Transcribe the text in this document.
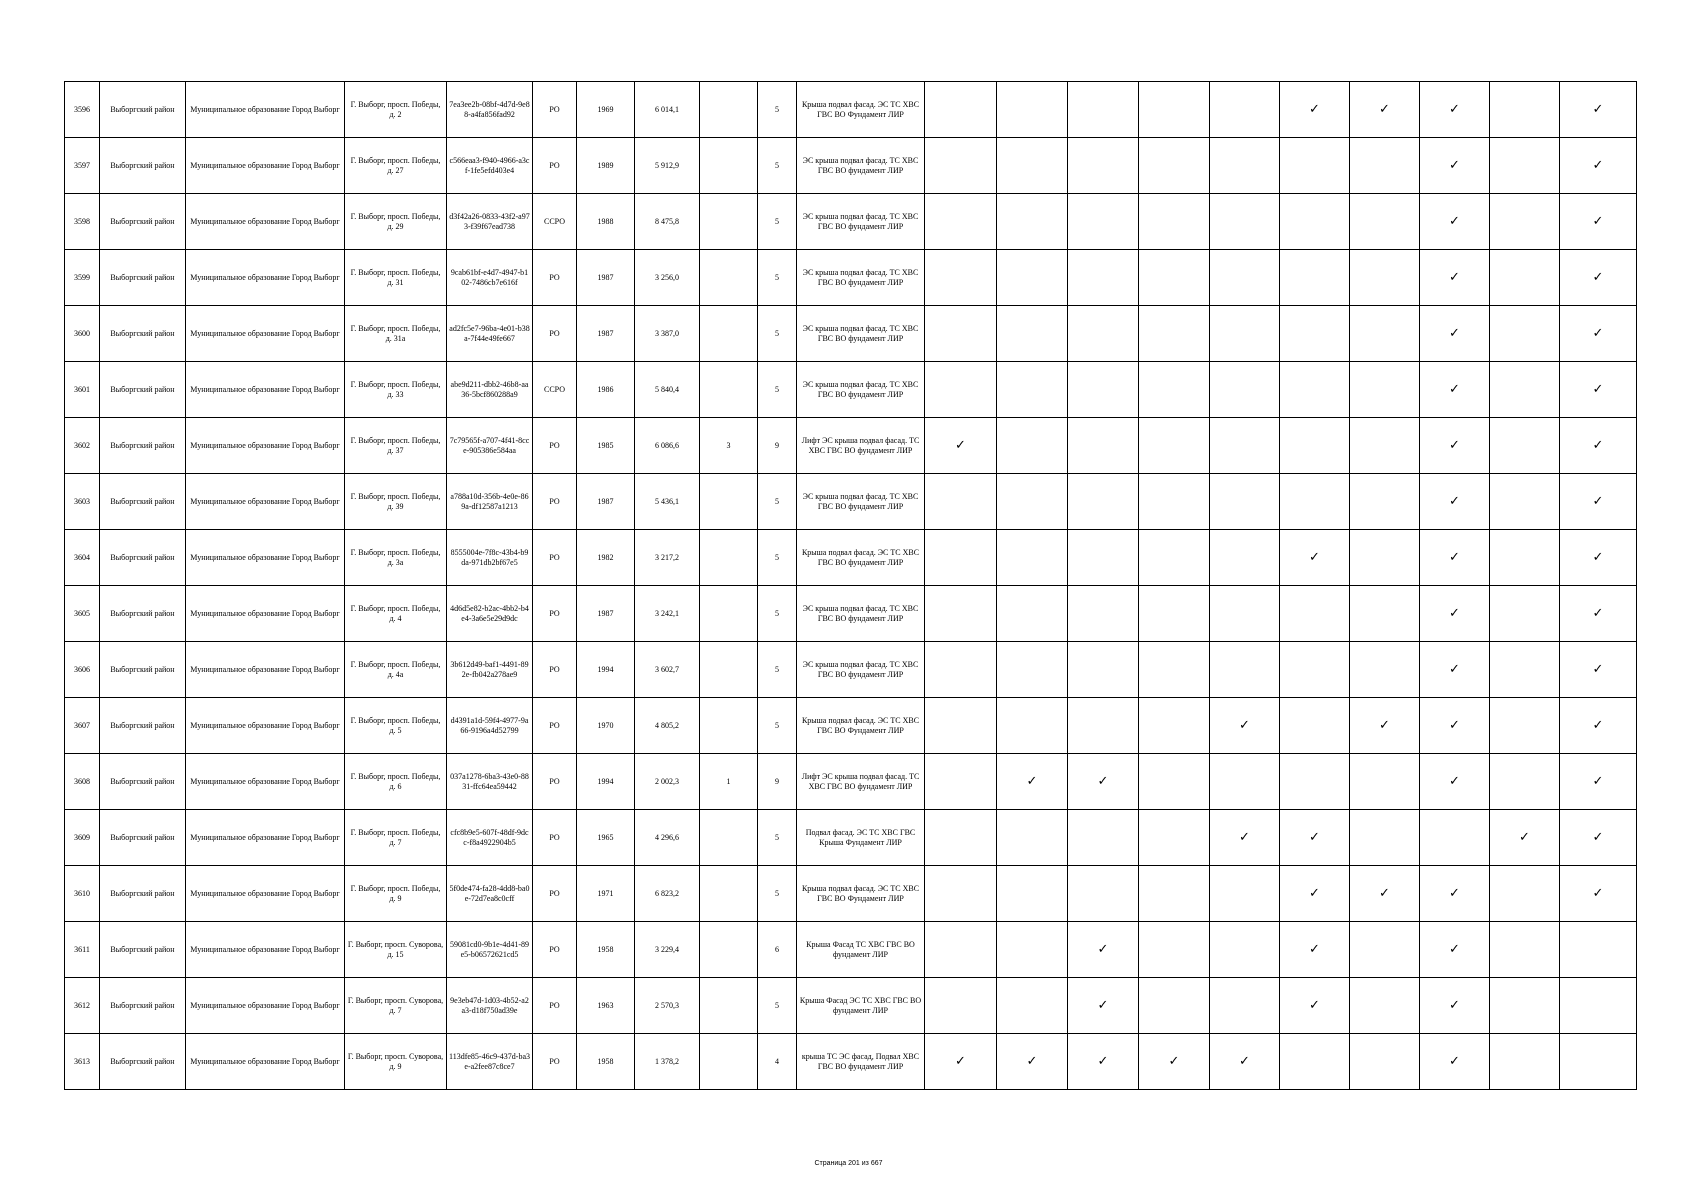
3596	Выборгский район	Муниципальное образование Город Выборг	Г. Выборг, просп. Победы, д. 2	7ea3ee2b-08bf-4d7d-9e88-a4fa856fad92	РО	1969	6 014,1		5	Крыша подвал фасад. ЭС ТС ХВС ГВС ВО Фундамент ЛИР						✓	✓	✓		✓
3597	Выборгский район	Муниципальное образование Город Выборг	Г. Выборг, просп. Победы, д. 27	c566eaa3-f940-4966-a3cf-1fe5efd403e4	РО	1989	5 912,9		5	ЭС крыша подвал фасад. ТС ХВС ГВС ВО фундамент ЛИР								✓		✓
3598	Выборгский район	Муниципальное образование Город Выборг	Г. Выборг, просп. Победы, д. 29	d3f42a26-0833-43f2-a973-f39f67ead738	ССРО	1988	8 475,8		5	ЭС крыша подвал фасад. ТС ХВС ГВС ВО фундамент ЛИР								✓		✓
3599	Выборгский район	Муниципальное образование Город Выборг	Г. Выборг, просп. Победы, д. 31	9cab61bf-e4d7-4947-b102-7486cb7e616f	РО	1987	3 256,0		5	ЭС крыша подвал фасад. ТС ХВС ГВС ВО фундамент ЛИР								✓		✓
3600	Выборгский район	Муниципальное образование Город Выборг	Г. Выборг, просп. Победы, д. 31а	ad2fc5e7-96ba-4e01-b38a-7f44e49fe667	РО	1987	3 387,0		5	ЭС крыша подвал фасад. ТС ХВС ГВС ВО фундамент ЛИР								✓		✓
3601	Выборгский район	Муниципальное образование Город Выборг	Г. Выборг, просп. Победы, д. 33	abe9d211-dbb2-46b8-aa36-5bcf860288a9	ССРО	1986	5 840,4		5	ЭС крыша подвал фасад. ТС ХВС ГВС ВО фундамент ЛИР								✓		✓
3602	Выборгский район	Муниципальное образование Город Выборг	Г. Выборг, просп. Победы, д. 37	7c79565f-a707-4f41-8cce-905386e584aa	РО	1985	6 086,6	3	9	Лифт ЭС крыша подвал фасад. ТС ХВС ГВС ВО фундамент ЛИР	✓							✓		✓
3603	Выборгский район	Муниципальное образование Город Выборг	Г. Выборг, просп. Победы, д. 39	a788a10d-356b-4e0e-869a-df12587a1213	РО	1987	5 436,1		5	ЭС крыша подвал фасад. ТС ХВС ГВС ВО фундамент ЛИР								✓		✓
3604	Выборгский район	Муниципальное образование Город Выборг	Г. Выборг, просп. Победы, д. 3а	8555004e-7f8c-43b4-b9da-971db2bf67e5	РО	1982	3 217,2		5	Крыша подвал фасад. ЭС ТС ХВС ГВС ВО фундамент ЛИР						✓		✓		✓
3605	Выборгский район	Муниципальное образование Город Выборг	Г. Выборг, просп. Победы, д. 4	4d6d5e82-b2ac-4bb2-b4e4-3a6e5e29d9dc	РО	1987	3 242,1		5	ЭС крыша подвал фасад. ТС ХВС ГВС ВО фундамент ЛИР								✓		✓
3606	Выборгский район	Муниципальное образование Город Выборг	Г. Выборг, просп. Победы, д. 4а	3b612d49-baf1-4491-892e-fb042a278ae9	РО	1994	3 602,7		5	ЭС крыша подвал фасад. ТС ХВС ГВС ВО фундамент ЛИР								✓		✓
3607	Выборгский район	Муниципальное образование Город Выборг	Г. Выборг, просп. Победы, д. 5	d4391a1d-59f4-4977-9a66-9196a4d52799	РО	1970	4 805,2		5	Крыша подвал фасад. ЭС ТС ХВС ГВС ВО Фундамент ЛИР					✓		✓	✓		✓
3608	Выборгский район	Муниципальное образование Город Выборг	Г. Выборг, просп. Победы, д. 6	037a1278-6ba3-43e0-8831-ffc64ea59442	РО	1994	2 002,3	1	9	Лифт ЭС крыша подвал фасад. ТС ХВС ГВС ВО фундамент ЛИР		✓	✓					✓		✓
3609	Выборгский район	Муниципальное образование Город Выборг	Г. Выборг, просп. Победы, д. 7	cfc8b9e5-607f-48df-9dcc-f8a4922904b5	РО	1965	4 296,6		5	Подвал фасад. ЭС ТС ХВС ГВС Крыша Фундамент ЛИР					✓	✓			✓	✓
3610	Выборгский район	Муниципальное образование Город Выборг	Г. Выборг, просп. Победы, д. 9	5f0de474-fa28-4dd8-ba0e-72d7ea8c0cff	РО	1971	6 823,2		5	Крыша подвал фасад. ЭС ТС ХВС ГВС ВО Фундамент ЛИР						✓	✓	✓		✓
3611	Выборгский район	Муниципальное образование Город Выборг	Г. Выборг, просп. Суворова, д. 15	59081cd0-9b1e-4d41-89e5-b06572621cd5	РО	1958	3 229,4		6	Крыша Фасад ТС ХВС ГВС ВО фундамент ЛИР			✓			✓		✓		
3612	Выборгский район	Муниципальное образование Город Выборг	Г. Выборг, просп. Суворова, д. 7	9e3eb47d-1d03-4b52-a2a3-d18f750ad39e	РО	1963	2 570,3		5	Крыша Фасад ЭС ТС ХВС ГВС ВО фундамент ЛИР			✓			✓		✓		
3613	Выборгский район	Муниципальное образование Город Выборг	Г. Выборг, просп. Суворова, д. 9	113dfe85-46c9-437d-ba3e-a2fee87c8ce7	РО	1958	1 378,2		4	крыша ТС ЭС фасад, Подвал ХВС ГВС ВО фундамент ЛИР	✓	✓	✓	✓	✓			✓		
Страница 201 из 667
